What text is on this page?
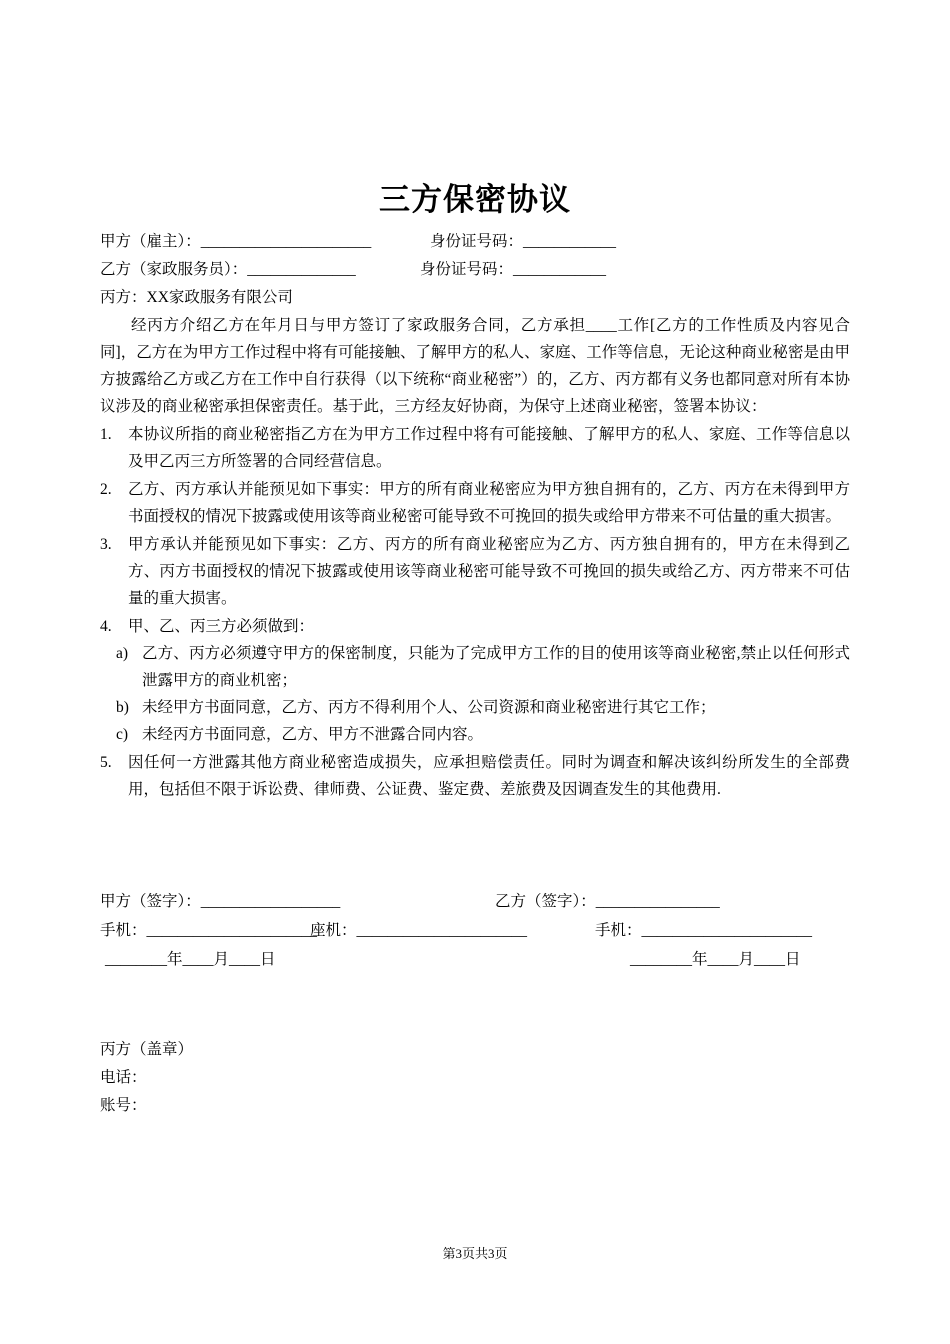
三方保密协议
甲方（雇主）：______________________	身份证号码：____________
乙方（家政服务员）：______________	身份证号码：____________
丙方：XX家政服务有限公司
经丙方介绍乙方在年月日与甲方签订了家政服务合同，乙方承担____工作[乙方的工作性质及内容见合同]，乙方在为甲方工作过程中将有可能接触、了解甲方的私人、家庭、工作等信息，无论这种商业秘密是由甲方披露给乙方或乙方在工作中自行获得（以下统称“商业秘密”）的，乙方、丙方都有义务也都同意对所有本协议涉及的商业秘密承担保密责任。基于此，三方经友好协商，为保守上述商业秘密，签署本协议：
1.	本协议所指的商业秘密指乙方在为甲方工作过程中将有可能接触、了解甲方的私人、家庭、工作等信息以及甲乙丙三方所签署的合同经营信息。
2.	乙方、丙方承认并能预见如下事实：甲方的所有商业秘密应为甲方独自拥有的，乙方、丙方在未得到甲方书面授权的情况下披露或使用该等商业秘密可能导致不可挽回的损失或给甲方带来不可估量的重大损害。
3.	甲方承认并能预见如下事实：乙方、丙方的所有商业秘密应为乙方、丙方独自拥有的，甲方在未得到乙方、丙方书面授权的情况下披露或使用该等商业秘密可能导致不可挽回的损失或给乙方、丙方带来不可估量的重大损害。
4.	甲、乙、丙三方必须做到：
a) 乙方、丙方必须遵守甲方的保密制度，只能为了完成甲方工作的目的使用该等商业秘密,禁止以任何形式泄露甲方的商业机密；
b) 未经甲方书面同意，乙方、丙方不得利用个人、公司资源和商业秘密进行其它工作；
c) 未经丙方书面同意，乙方、甲方不泄露合同内容。
5.	因任何一方泄露其他方商业秘密造成损失，应承担赔偿责任。同时为调查和解决该纠纷所发生的全部费用，包括但不限于诉讼费、律师费、公证费、鉴定费、差旅费及因调查发生的其他费用.
甲方（签字）：__________________	乙方（签字）：________________
手机：______________________
座机：______________________	手机：______________________
________年____月____日	________年____月____日
丙方（盖章）
电话：
账号：
第3页共3页
